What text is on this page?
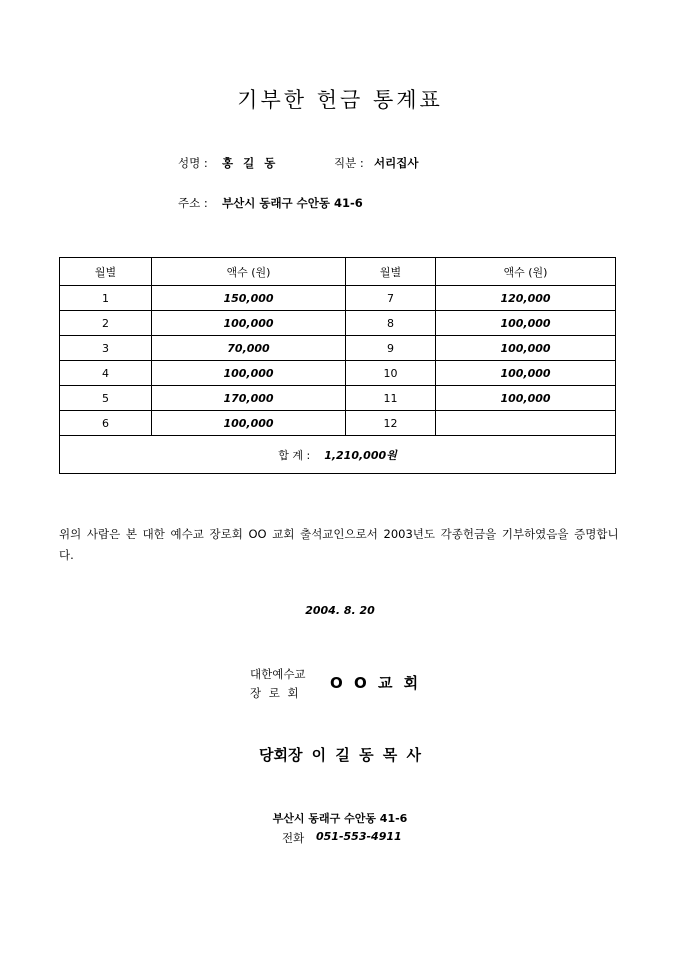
기부한 헌금 통계표
성명 : 홍 길 동	직분 : 서리집사
주소 : 부산시 동래구 수안동 41-6
월별	액수 (원)	월별	액수 (원)
1	150,000	7	120,000
2	100,000	8	100,000
3	70,000	9	100,000
4	100,000	10	100,000
5	170,000	11	100,000
6	100,000	12	
합 계 : 1,210,000원			
위의 사람은 본 대한 예수교 장로회 OO 교회 출석교인으로서 2003년도 각종헌금을 기부하였음을 증명합니다.
2004. 8. 20
대한예수교
장 로 회
O O 교 회
당회장 이 길 동 목 사
부산시 동래구 수안동 41-6
전화 051-553-4911
